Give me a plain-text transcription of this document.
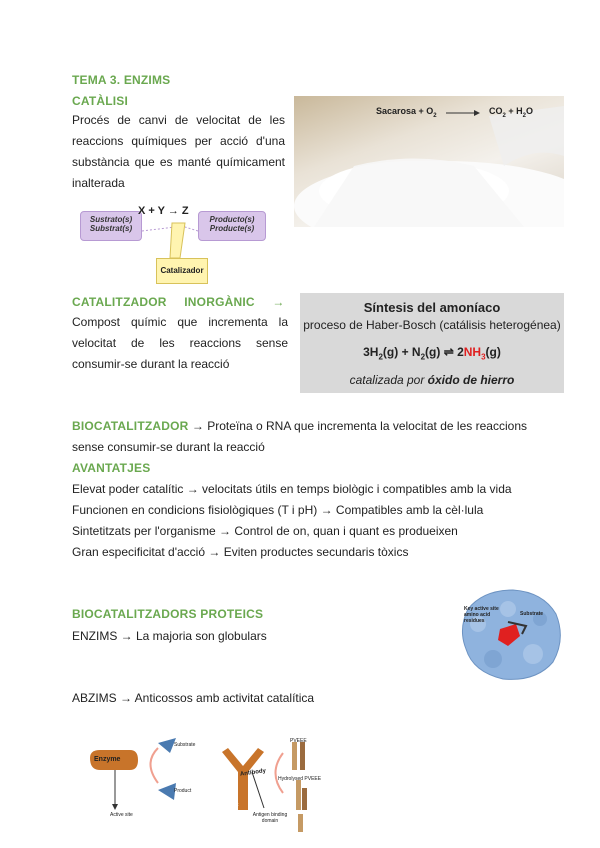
TEMA 3. ENZIMS
CATÀLISI
Procés de canvi de velocitat de les reaccions químiques per acció d'una substància que es manté químicament inalterada
Sacarosa + $O_2$	$CO_2 + H_2O$
Sustrato(s)
Substrat(s)
X + Y → Z
Producto(s)
Producte(s)
Catalizador
CATALITZADOR     INORGÀNIC     →
Compost químic que incrementa la velocitat de les reaccions sense consumir-se durant la reacció
Síntesis del amoníaco
proceso de Haber-Bosch (catálisis heterogénea)
$3H_2(g) + N_2(g)$ ⇌ $2NH_3(g)$
catalizada por óxido de hierro
BIOCATALITZADOR → Proteïna o RNA que incrementa la velocitat de les reaccions sense consumir-se durant la reacció
AVANTATJES
Elevat poder catalític → velocitats útils en temps biològic i compatibles amb la vida
Funcionen en condicions fisiològiques (T i pH) → Compatibles amb la cèl·lula
Sintetitzats per l'organisme → Control de on, quan i quant es produeixen
Gran especificitat d'acció → Eviten productes secundaris tòxics
BIOCATALITZADORS PROTEICS
ENZIMS → La majoria son globulars
ABZIMS → Anticossos amb activitat catalítica
Key active site amino acid residues
Substrate
Enzyme
Substrate
Product
Active site
Antibody
Fc
Antigen binding domain
PVEEE
Hydrolysed PVEEE
